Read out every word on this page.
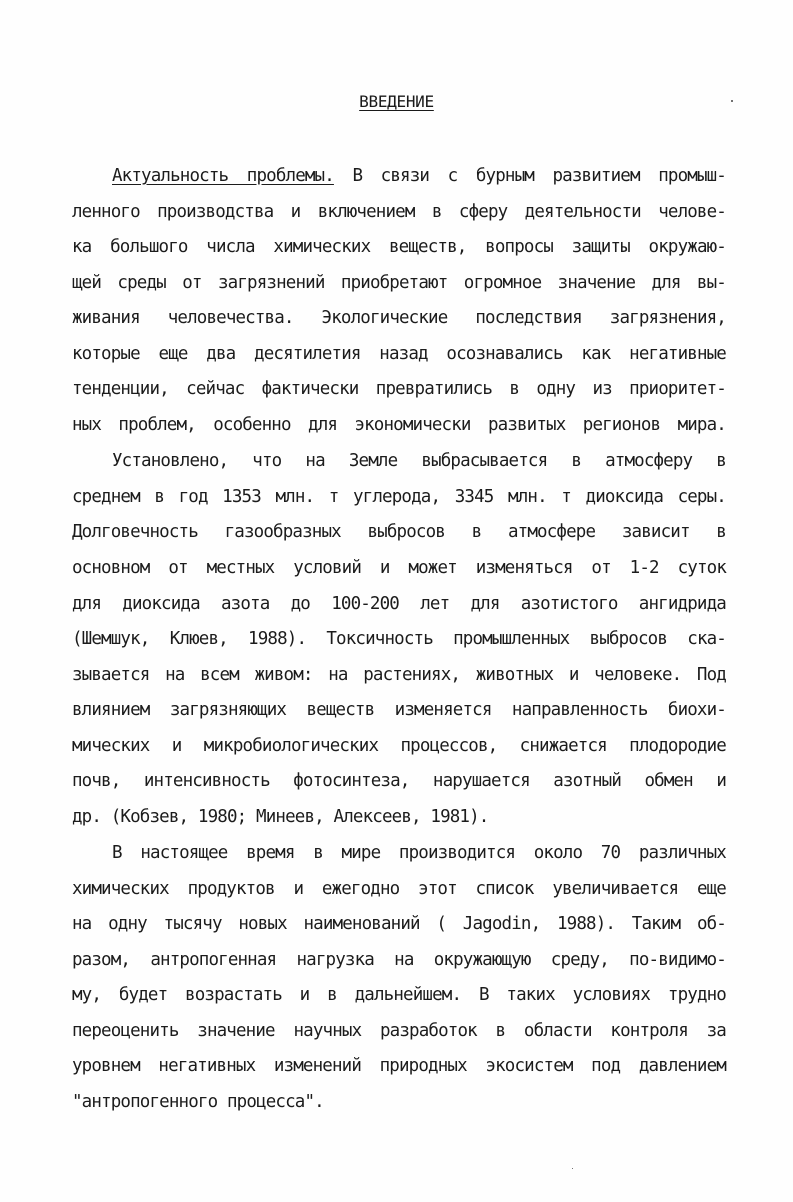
ВВЕДЕНИЕ
Актуальность проблемы. В связи с бурным развитием промыш-
ленного производства и включением в сферу деятельности челове-
ка большого числа химических веществ, вопросы защиты окружаю-
щей среды от загрязнений приобретают огромное значение для вы-
живания человечества. Экологические последствия загрязнения,
которые еще два десятилетия назад осознавались как негативные
тенденции, сейчас фактически превратились в одну из приоритет-
ных проблем, особенно для экономически развитых регионов мира.
Установлено, что на Земле выбрасывается в атмосферу в
среднем в год 1353 млн. т углерода, 3345 млн. т диоксида серы.
Долговечность газообразных выбросов в атмосфере зависит в
основном от местных условий и может изменяться от 1-2 суток
для диоксида азота до 100-200 лет для азотистого ангидрида
(Шемшук, Клюев, 1988). Токсичность промышленных выбросов ска-
зывается на всем живом: на растениях, животных и человеке. Под
влиянием загрязняющих веществ изменяется направленность биохи-
мических и микробиологических процессов, снижается плодородие
почв, интенсивность фотосинтеза, нарушается азотный обмен и
др. (Кобзев, 1980; Минеев, Алексеев, 1981).
В настоящее время в мире производится около 70 различных
химических продуктов и ежегодно этот список увеличивается еще
на одну тысячу новых наименований ( Jagodin, 1988). Таким об-
разом, антропогенная нагрузка на окружающую среду, по-видимо-
му, будет возрастать и в дальнейшем. В таких условиях трудно
переоценить значение научных разработок в области контроля за
уровнем негативных изменений природных экосистем под давлением
"антропогенного процесса".
